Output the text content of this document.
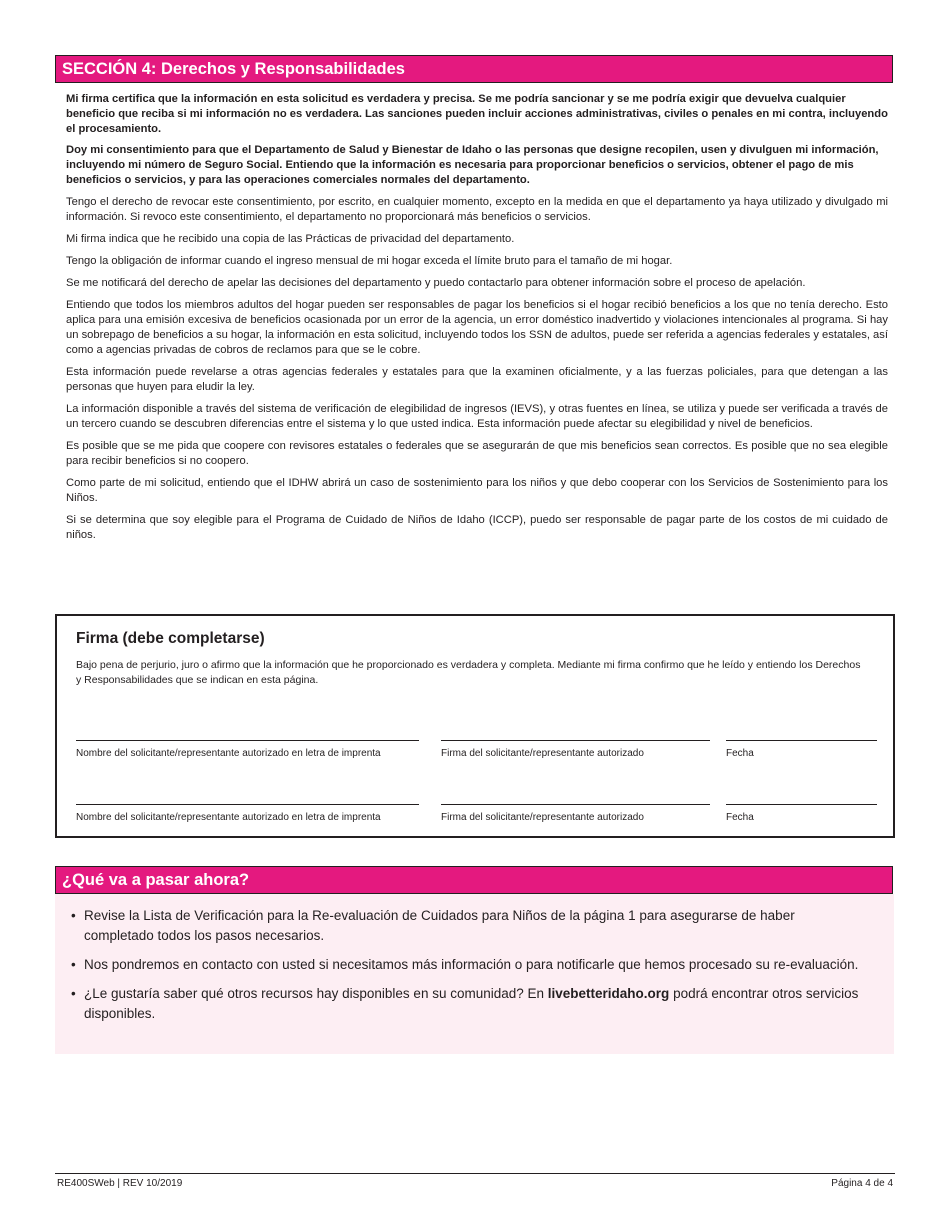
SECCIÓN 4: Derechos y Responsabilidades

Mi firma certifica que la información en esta solicitud es verdadera y precisa. Se me podría sancionar y se me podría exigir que devuelva cualquier beneficio que reciba si mi información no es verdadera. Las sanciones pueden incluir acciones administrativas, civiles o penales en mi contra, incluyendo el procesamiento.

Doy mi consentimiento para que el Departamento de Salud y Bienestar de Idaho o las personas que designe recopilen, usen y divulguen mi información, incluyendo mi número de Seguro Social. Entiendo que la información es necesaria para proporcionar beneficios o servicios, obtener el pago de mis beneficios o servicios, y para las operaciones comerciales normales del departamento.

Tengo el derecho de revocar este consentimiento, por escrito, en cualquier momento, excepto en la medida en que el departamento ya haya utilizado y divulgado mi información. Si revoco este consentimiento, el departamento no proporcionará más beneficios o servicios.

Mi firma indica que he recibido una copia de las Prácticas de privacidad del departamento.

Tengo la obligación de informar cuando el ingreso mensual de mi hogar exceda el límite bruto para el tamaño de mi hogar.

Se me notificará del derecho de apelar las decisiones del departamento y puedo contactarlo para obtener información sobre el proceso de apelación.

Entiendo que todos los miembros adultos del hogar pueden ser responsables de pagar los beneficios si el hogar recibió beneficios a los que no tenía derecho. Esto aplica para una emisión excesiva de beneficios ocasionada por un error de la agencia, un error doméstico inadvertido y violaciones intencionales al programa. Si hay un sobrepago de beneficios a su hogar, la información en esta solicitud, incluyendo todos los SSN de adultos, puede ser referida a agencias federales y estatales, así como a agencias privadas de cobros de reclamos para que se le cobre.

Esta información puede revelarse a otras agencias federales y estatales para que la examinen oficialmente, y a las fuerzas policiales, para que detengan a las personas que huyen para eludir la ley.

La información disponible a través del sistema de verificación de elegibilidad de ingresos (IEVS), y otras fuentes en línea, se utiliza y puede ser verificada a través de un tercero cuando se descubren diferencias entre el sistema y lo que usted indica. Esta información puede afectar su elegibilidad y nivel de beneficios.

Es posible que se me pida que coopere con revisores estatales o federales que se asegurarán de que mis beneficios sean correctos. Es posible que no sea elegible para recibir beneficios si no coopero.

Como parte de mi solicitud, entiendo que el IDHW abrirá un caso de sostenimiento para los niños y que debo cooperar con los Servicios de Sostenimiento para los Niños.

Si se determina que soy elegible para el Programa de Cuidado de Niños de Idaho (ICCP), puedo ser responsable de pagar parte de los costos de mi cuidado de niños.

Firma (debe completarse)
Bajo pena de perjurio, juro o afirmo que la información que he proporcionado es verdadera y completa. Mediante mi firma confirmo que he leído y entiendo los Derechos y Responsabilidades que se indican en esta página.
Nombre del solicitante/representante autorizado en letra de imprenta	Firma del solicitante/representante autorizado	Fecha
Nombre del solicitante/representante autorizado en letra de imprenta	Firma del solicitante/representante autorizado	Fecha
¿Qué va a pasar ahora?
• Revise la Lista de Verificación para la Re-evaluación de Cuidados para Niños de la página 1 para asegurarse de haber completado todos los pasos necesarios.
• Nos pondremos en contacto con usted si necesitamos más información o para notificarle que hemos procesado su re-evaluación.
• ¿Le gustaría saber qué otros recursos hay disponibles en su comunidad? En livebetteridaho.org podrá encontrar otros servicios disponibles.
RE400SWeb | REV 10/2019	Página 4 de 4
